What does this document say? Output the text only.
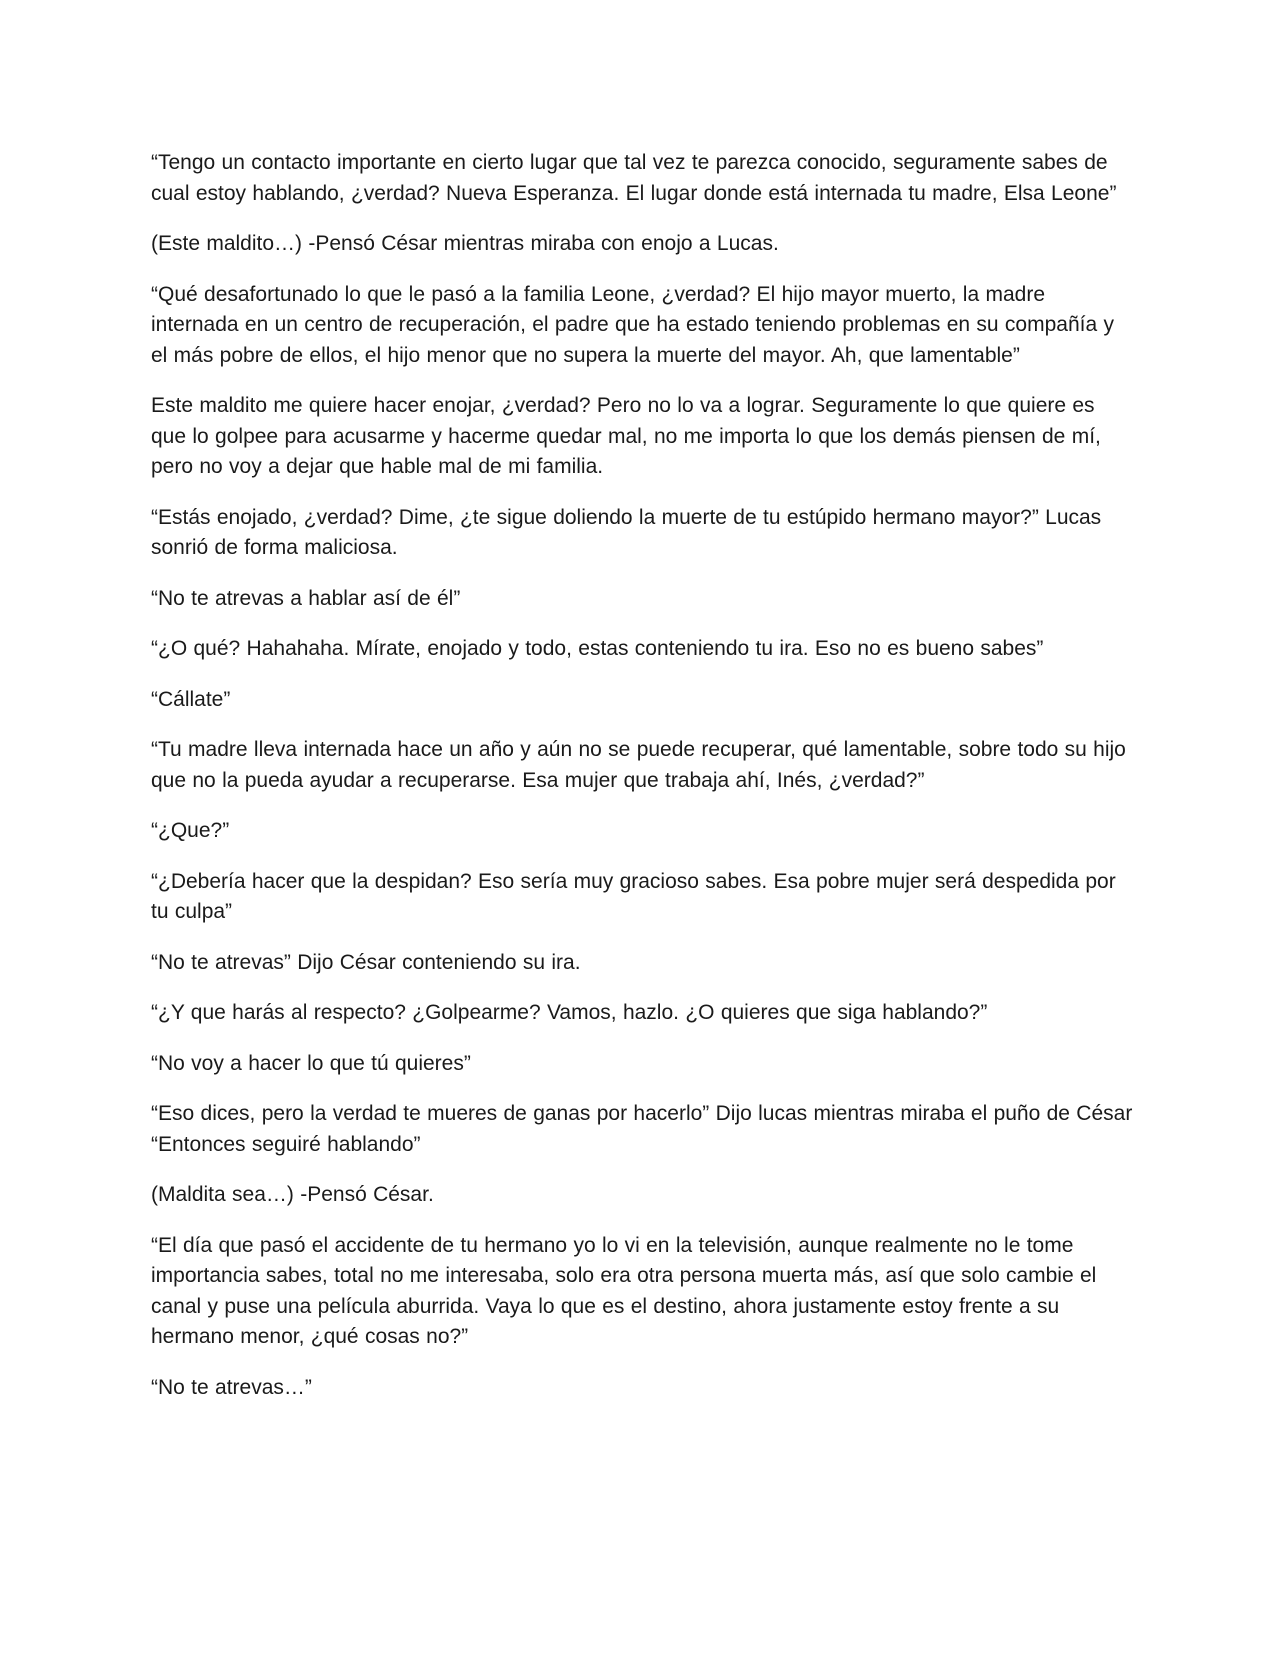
“Tengo un contacto importante en cierto lugar que tal vez te parezca conocido, seguramente sabes de cual estoy hablando, ¿verdad? Nueva Esperanza. El lugar donde está internada tu madre, Elsa Leone”

(Este maldito…) -Pensó César mientras miraba con enojo a Lucas.

“Qué desafortunado lo que le pasó a la familia Leone, ¿verdad? El hijo mayor muerto, la madre internada en un centro de recuperación, el padre que ha estado teniendo problemas en su compañía y el más pobre de ellos, el hijo menor que no supera la muerte del mayor. Ah, que lamentable”

Este maldito me quiere hacer enojar, ¿verdad? Pero no lo va a lograr. Seguramente lo que quiere es que lo golpee para acusarme y hacerme quedar mal, no me importa lo que los demás piensen de mí, pero no voy a dejar que hable mal de mi familia.

“Estás enojado, ¿verdad? Dime, ¿te sigue doliendo la muerte de tu estúpido hermano mayor?” Lucas sonrió de forma maliciosa.

“No te atrevas a hablar así de él”

“¿O qué? Hahahaha. Mírate, enojado y todo, estas conteniendo tu ira. Eso no es bueno sabes”

“Cállate”

“Tu madre lleva internada hace un año y aún no se puede recuperar, qué lamentable, sobre todo su hijo que no la pueda ayudar a recuperarse. Esa mujer que trabaja ahí, Inés, ¿verdad?”

“¿Que?”

“¿Debería hacer que la despidan? Eso sería muy gracioso sabes. Esa pobre mujer será despedida por tu culpa”

“No te atrevas” Dijo César conteniendo su ira.

“¿Y que harás al respecto? ¿Golpearme? Vamos, hazlo. ¿O quieres que siga hablando?”

“No voy a hacer lo que tú quieres”

“Eso dices, pero la verdad te mueres de ganas por hacerlo” Dijo lucas mientras miraba el puño de César “Entonces seguiré hablando”

(Maldita sea…) -Pensó César.

“El día que pasó el accidente de tu hermano yo lo vi en la televisión, aunque realmente no le tome importancia sabes, total no me interesaba, solo era otra persona muerta más, así que solo cambie el canal y puse una película aburrida. Vaya lo que es el destino, ahora justamente estoy frente a su hermano menor, ¿qué cosas no?”

“No te atrevas…”
